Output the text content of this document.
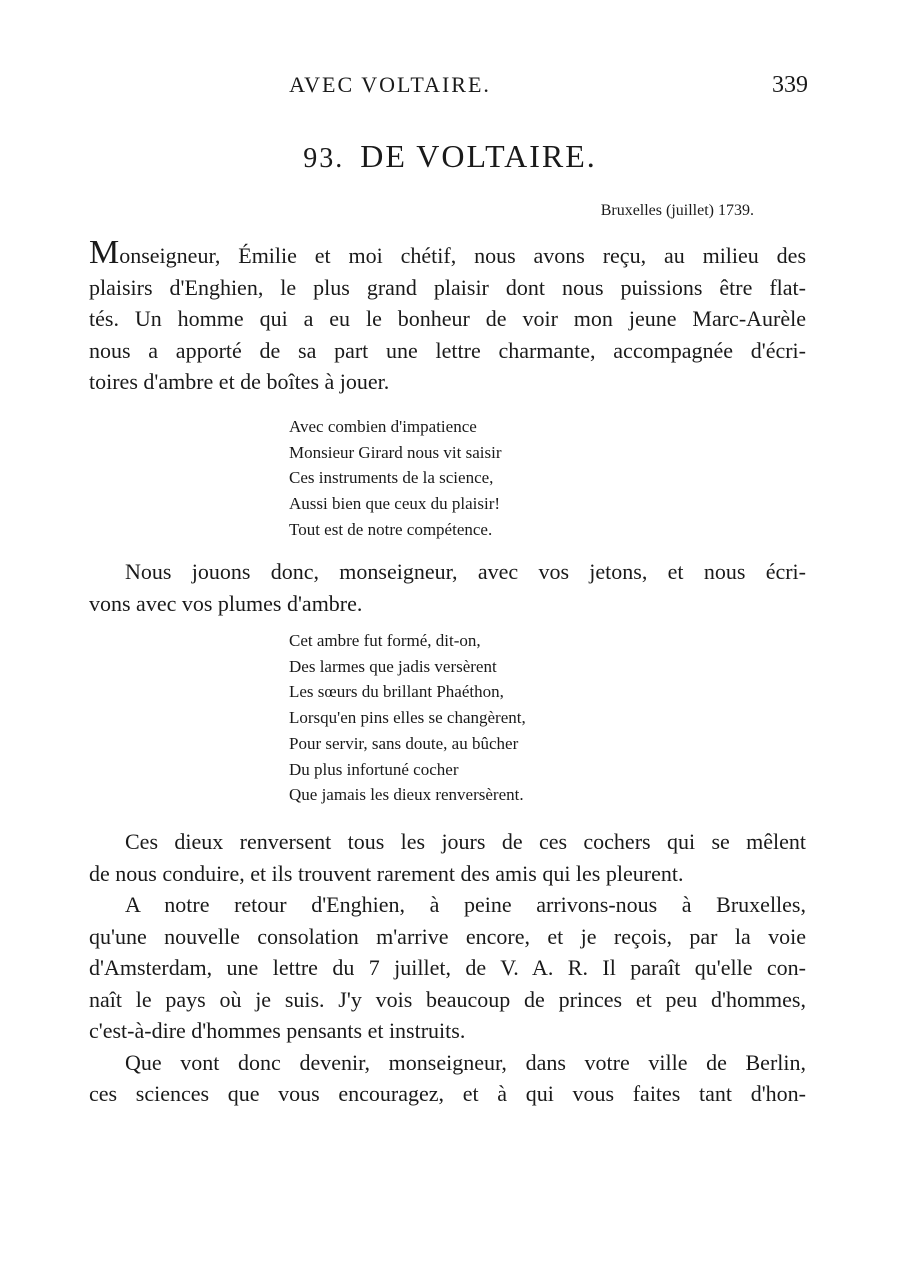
AVEC VOLTAIRE.	339
93. DE VOLTAIRE.
Bruxelles (juillet) 1739.
Monseigneur, Émilie et moi chétif, nous avons reçu, au milieu des
plaisirs d'Enghien, le plus grand plaisir dont nous puissions être flat-
tés. Un homme qui a eu le bonheur de voir mon jeune Marc-Aurèle
nous a apporté de sa part une lettre charmante, accompagnée d'écri-
toires d'ambre et de boîtes à jouer.
Avec combien d'impatience
Monsieur Girard nous vit saisir
Ces instruments de la science,
Aussi bien que ceux du plaisir!
Tout est de notre compétence.
Nous jouons donc, monseigneur, avec vos jetons, et nous écri-
vons avec vos plumes d'ambre.
Cet ambre fut formé, dit-on,
Des larmes que jadis versèrent
Les sœurs du brillant Phaéthon,
Lorsqu'en pins elles se changèrent,
Pour servir, sans doute, au bûcher
Du plus infortuné cocher
Que jamais les dieux renversèrent.
Ces dieux renversent tous les jours de ces cochers qui se mêlent
de nous conduire, et ils trouvent rarement des amis qui les pleurent.
A notre retour d'Enghien, à peine arrivons-nous à Bruxelles,
qu'une nouvelle consolation m'arrive encore, et je reçois, par la voie
d'Amsterdam, une lettre du 7 juillet, de V. A. R. Il paraît qu'elle con-
naît le pays où je suis. J'y vois beaucoup de princes et peu d'hommes,
c'est-à-dire d'hommes pensants et instruits.
Que vont donc devenir, monseigneur, dans votre ville de Berlin,
ces sciences que vous encouragez, et à qui vous faites tant d'hon-
